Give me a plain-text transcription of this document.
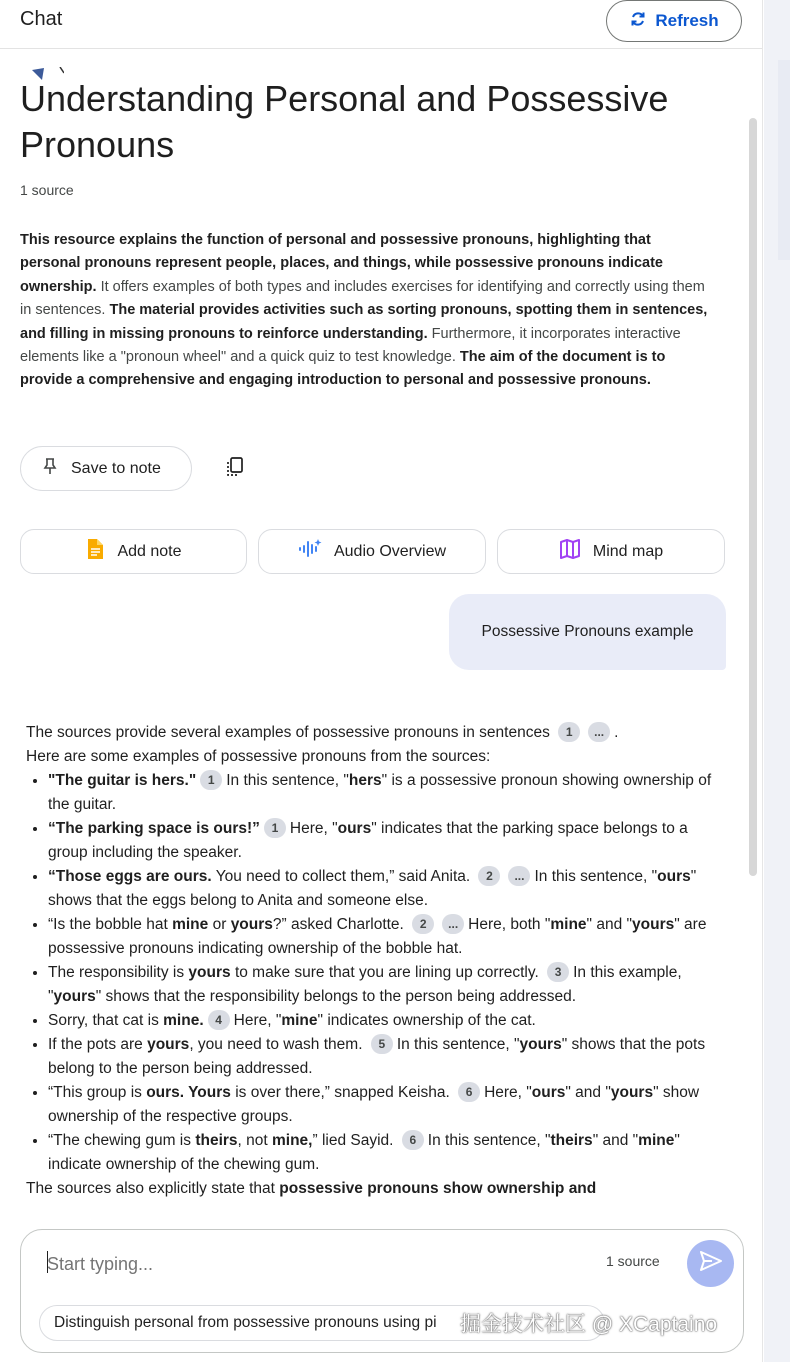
Chat	Refresh
Understanding Personal and Possessive Pronouns
1 source
This resource explains the function of personal and possessive pronouns, highlighting that personal pronouns represent people, places, and things, while possessive pronouns indicate ownership. It offers examples of both types and includes exercises for identifying and correctly using them in sentences. The material provides activities such as sorting pronouns, spotting them in sentences, and filling in missing pronouns to reinforce understanding. Furthermore, it incorporates interactive elements like a "pronoun wheel" and a quick quiz to test knowledge. The aim of the document is to provide a comprehensive and engaging introduction to personal and possessive pronouns.
Save to note
Add note	Audio Overview	Mind map
Possessive Pronouns example
The sources provide several examples of possessive pronouns in sentences 1 ... .
Here are some examples of possessive pronouns from the sources:
• "The guitar is hers." 1 In this sentence, "hers" is a possessive pronoun showing ownership of the guitar.
• “The parking space is ours!” 1 Here, "ours" indicates that the parking space belongs to a group including the speaker.
• “Those eggs are ours. You need to collect them,” said Anita. 2 ... In this sentence, "ours" shows that the eggs belong to Anita and someone else.
• “Is the bobble hat mine or yours?” asked Charlotte. 2 ... Here, both "mine" and "yours" are possessive pronouns indicating ownership of the bobble hat.
• The responsibility is yours to make sure that you are lining up correctly. 3 In this example, "yours" shows that the responsibility belongs to the person being addressed.
• Sorry, that cat is mine. 4 Here, "mine" indicates ownership of the cat.
• If the pots are yours, you need to wash them. 5 In this sentence, "yours" shows that the pots belong to the person being addressed.
• “This group is ours. Yours is over there,” snapped Keisha. 6 Here, "ours" and "yours" show ownership of the respective groups.
• “The chewing gum is theirs, not mine,” lied Sayid. 6 In this sentence, "theirs" and "mine" indicate ownership of the chewing gum.
The sources also explicitly state that possessive pronouns show ownership and
Start typing...
1 source
Distinguish personal from possessive pronouns using pi 掘金技术社区 @ XCaptaino
